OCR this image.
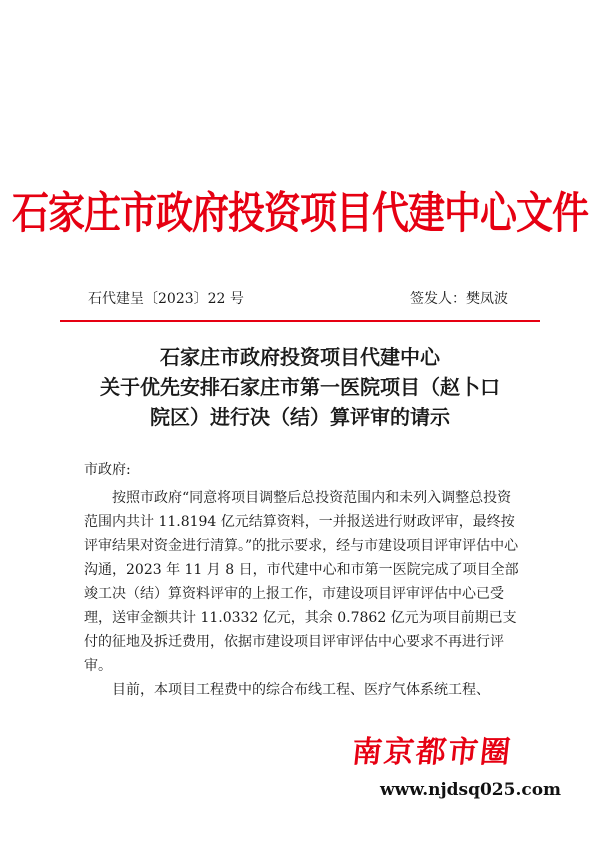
石家庄市政府投资项目代建中心文件
石代建呈〔2023〕22 号	签发人：樊凤波
石家庄市政府投资项目代建中心
关于优先安排石家庄市第一医院项目（赵卜口
院区）进行决（结）算评审的请示

市政府:

按照市政府“同意将项目调整后总投资范围内和未列入调整总投资范围内共计 11.8194 亿元结算资料，一并报送进行财政评审，最终按评审结果对资金进行清算。”的批示要求，经与市建设项目评审评估中心沟通，2023 年 11 月 8 日，市代建中心和市第一医院完成了项目全部竣工决（结）算资料评审的上报工作，市建设项目评审评估中心已受理，送审金额共计 11.0332 亿元，其余 0.7862 亿元为项目前期已支付的征地及拆迁费用，依据市建设项目评审评估中心要求不再进行评审。

目前，本项目工程费中的综合布线工程、医疗气体系统工程、

南京都市圈
www.njdsq025.com
